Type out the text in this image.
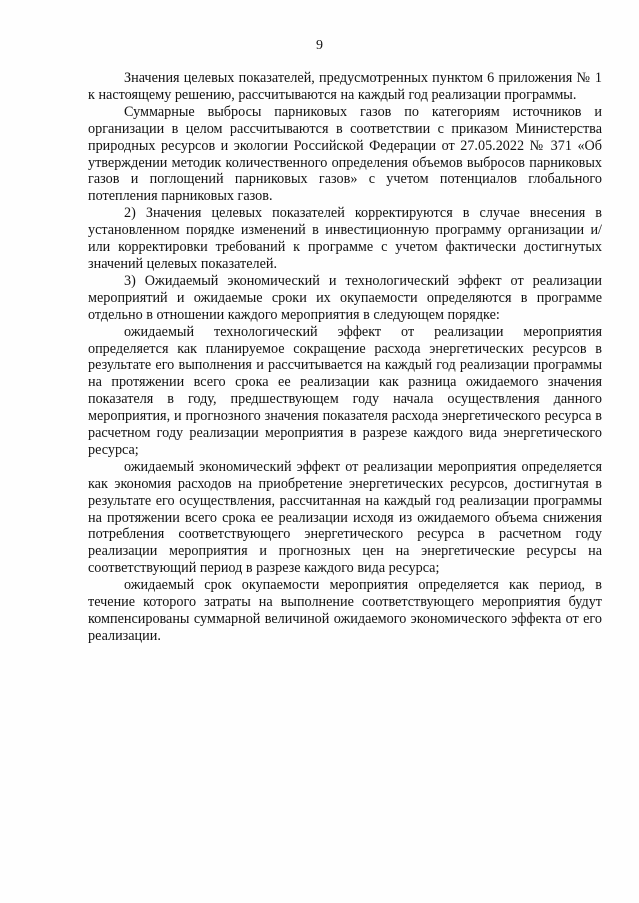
9

Значения целевых показателей, предусмотренных пунктом 6 приложения № 1 к настоящему решению, рассчитываются на каждый год реализации программы.

Суммарные выбросы парниковых газов по категориям источников и организации в целом рассчитываются в соответствии с приказом Министерства природных ресурсов и экологии Российской Федерации от 27.05.2022 № 371 «Об утверждении методик количественного определения объемов выбросов парниковых газов и поглощений парниковых газов» с учетом потенциалов глобального потепления парниковых газов.

2) Значения целевых показателей корректируются в случае внесения в установленном порядке изменений в инвестиционную программу организации и/или корректировки требований к программе с учетом фактически достигнутых значений целевых показателей.

3) Ожидаемый экономический и технологический эффект от реализации мероприятий и ожидаемые сроки их окупаемости определяются в программе отдельно в отношении каждого мероприятия в следующем порядке:

ожидаемый технологический эффект от реализации мероприятия определяется как планируемое сокращение расхода энергетических ресурсов в результате его выполнения и рассчитывается на каждый год реализации программы на протяжении всего срока ее реализации как разница ожидаемого значения показателя в году, предшествующем году начала осуществления данного мероприятия, и прогнозного значения показателя расхода энергетического ресурса в расчетном году реализации мероприятия в разрезе каждого вида энергетического ресурса;

ожидаемый экономический эффект от реализации мероприятия определяется как экономия расходов на приобретение энергетических ресурсов, достигнутая в результате его осуществления, рассчитанная на каждый год реализации программы на протяжении всего срока ее реализации исходя из ожидаемого объема снижения потребления соответствующего энергетического ресурса в расчетном году реализации мероприятия и прогнозных цен на энергетические ресурсы на соответствующий период в разрезе каждого вида ресурса;

ожидаемый срок окупаемости мероприятия определяется как период, в течение которого затраты на выполнение соответствующего мероприятия будут компенсированы суммарной величиной ожидаемого экономического эффекта от его реализации.
